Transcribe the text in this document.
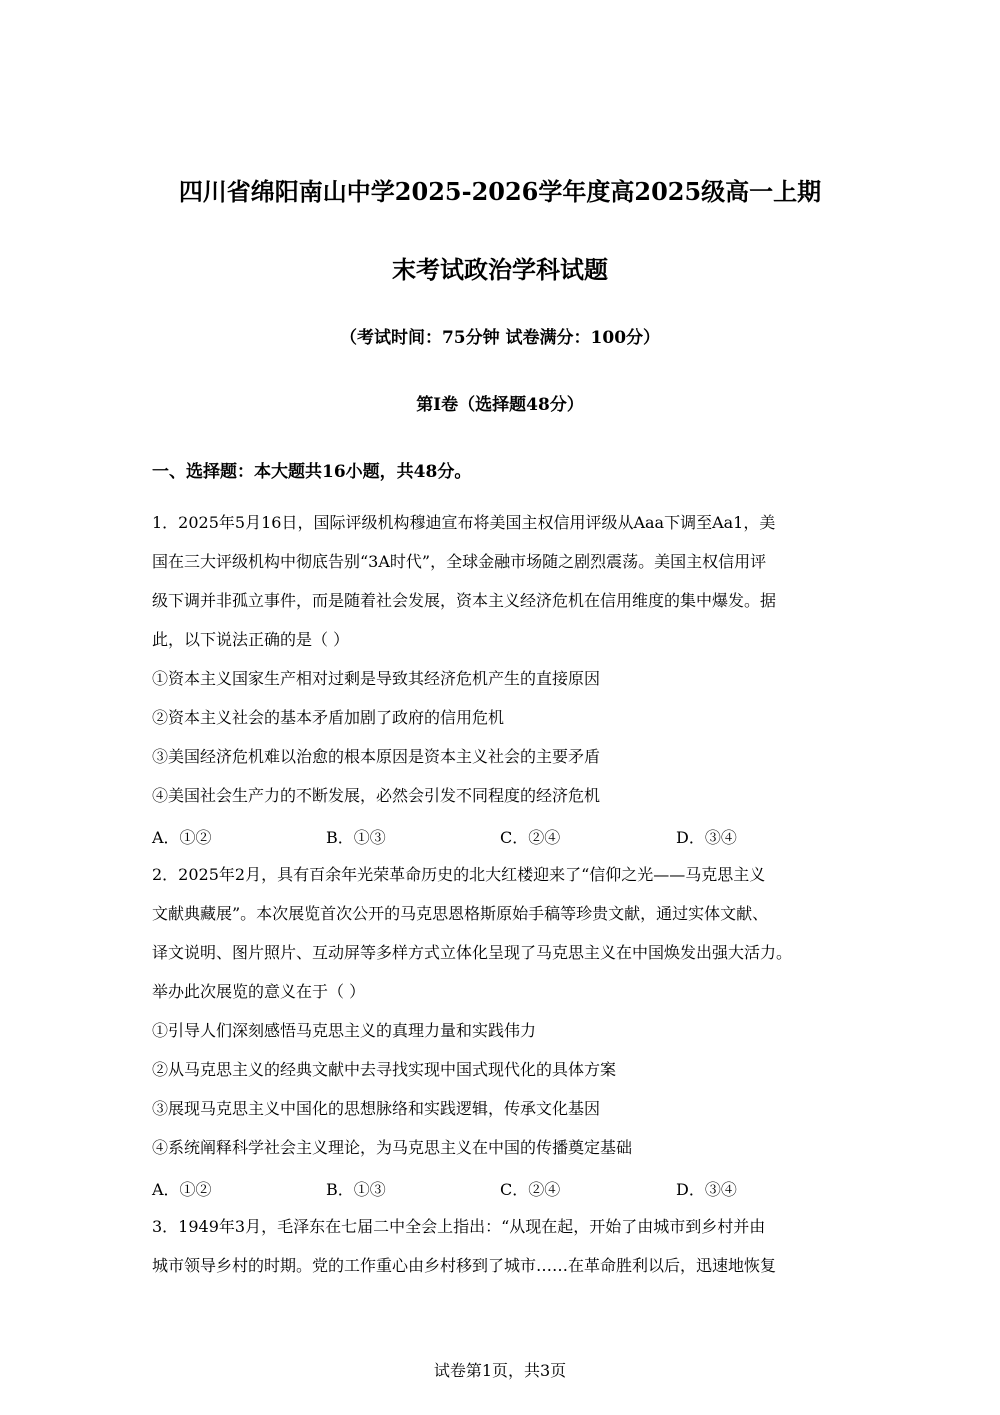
四川省绵阳南山中学2025-2026学年度高2025级高一上期
末考试政治学科试题
（考试时间：75分钟 试卷满分：100分）
第I卷（选择题48分）
一、选择题：本大题共16小题，共48分。
1．2025年5月16日，国际评级机构穆迪宣布将美国主权信用评级从Aaa下调至Aa1，美
国在三大评级机构中彻底告别“3A时代”，全球金融市场随之剧烈震荡。美国主权信用评
级下调并非孤立事件，而是随着社会发展，资本主义经济危机在信用维度的集中爆发。据
此，以下说法正确的是（ ）
①资本主义国家生产相对过剩是导致其经济危机产生的直接原因
②资本主义社会的基本矛盾加剧了政府的信用危机
③美国经济危机难以治愈的根本原因是资本主义社会的主要矛盾
④美国社会生产力的不断发展，必然会引发不同程度的经济危机
A．①②	B．①③	C．②④	D．③④
2．2025年2月，具有百余年光荣革命历史的北大红楼迎来了“信仰之光——马克思主义
文献典藏展”。本次展览首次公开的马克思恩格斯原始手稿等珍贵文献，通过实体文献、
译文说明、图片照片、互动屏等多样方式立体化呈现了马克思主义在中国焕发出强大活力。
举办此次展览的意义在于（ ）
①引导人们深刻感悟马克思主义的真理力量和实践伟力
②从马克思主义的经典文献中去寻找实现中国式现代化的具体方案
③展现马克思主义中国化的思想脉络和实践逻辑，传承文化基因
④系统阐释科学社会主义理论，为马克思主义在中国的传播奠定基础
A．①②	B．①③	C．②④	D．③④
3．1949年3月，毛泽东在七届二中全会上指出：“从现在起，开始了由城市到乡村并由
城市领导乡村的时期。党的工作重心由乡村移到了城市……在革命胜利以后，迅速地恢复
试卷第1页，共3页
